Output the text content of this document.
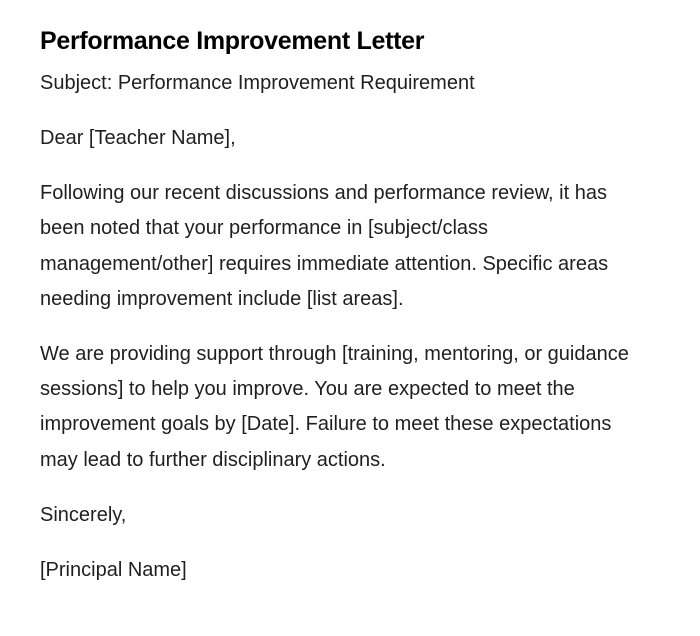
Performance Improvement Letter

Subject: Performance Improvement Requirement

Dear [Teacher Name],

Following our recent discussions and performance review, it has been noted that your performance in [subject/class management/other] requires immediate attention. Specific areas needing improvement include [list areas].

We are providing support through [training, mentoring, or guidance sessions] to help you improve. You are expected to meet the improvement goals by [Date]. Failure to meet these expectations may lead to further disciplinary actions.

Sincerely,

[Principal Name]
